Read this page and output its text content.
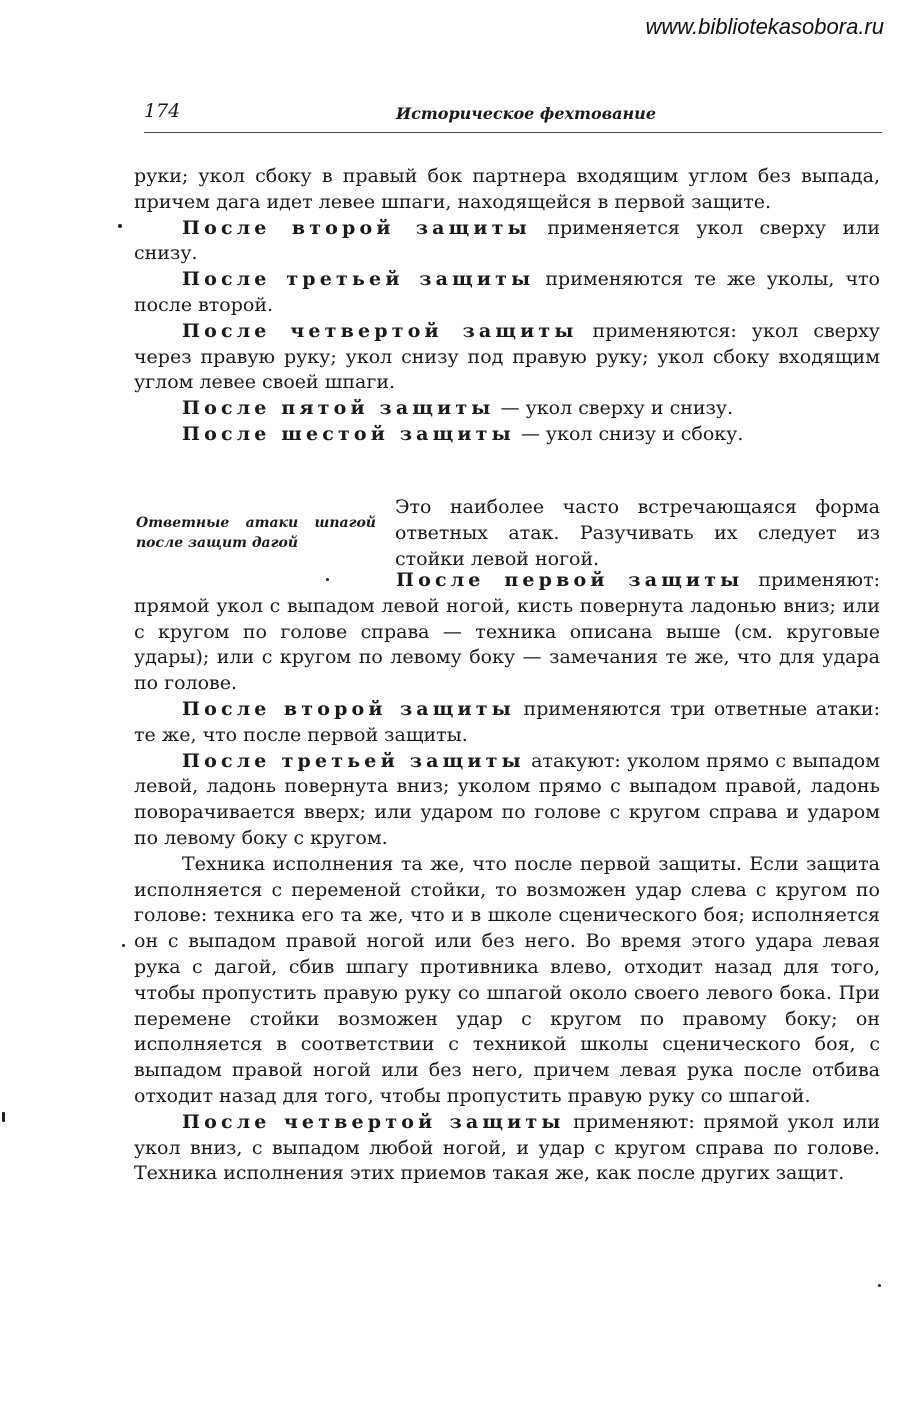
www.bibliotekasobora.ru
174	Историческое фехтование

руки; укол сбоку в правый бок партнера входящим углом без выпада, причем дага идет левее шпаги, находящейся в первой защите.

После второй защиты применяется укол сверху или снизу.

После третьей защиты применяются те же уколы, что после второй.

После четвертой защиты применяются: укол сверху через правую руку; укол снизу под правую руку; укол сбоку входящим углом левее своей шпаги.

После пятой защиты — укол сверху и снизу.

После шестой защиты — укол снизу и сбоку.

Ответные атаки шпагой после защит дагой

Это наиболее часто встречающаяся форма ответных атак. Разучивать их следует из стойки левой ногой.

После первой защиты применяют: прямой укол с выпадом левой ногой, кисть повернута ладонью вниз; или с кругом по голове справа — техника описана выше (см. круговые удары); или с кругом по левому боку — замечания те же, что для удара по голове.

После второй защиты применяются три ответные атаки: те же, что после первой защиты.

После третьей защиты атакуют: уколом прямо с выпадом левой, ладонь повернута вниз; уколом прямо с выпадом правой, ладонь поворачивается вверх; или ударом по голове с кругом справа и ударом по левому боку с кругом.

Техника исполнения та же, что после первой защиты. Если защита исполняется с переменой стойки, то возможен удар слева с кругом по голове: техника его та же, что и в школе сценического боя; исполняется он с выпадом правой ногой или без него. Во время этого удара левая рука с дагой, сбив шпагу противника влево, отходит назад для того, чтобы пропустить правую руку со шпагой около своего левого бока. При перемене стойки возможен удар с кругом по правому боку; он исполняется в соответствии с техникой школы сценического боя, с выпадом правой ногой или без него, причем левая рука после отбива отходит назад для того, чтобы пропустить правую руку со шпагой.

После четвертой защиты применяют: прямой укол или укол вниз, с выпадом любой ногой, и удар с кругом справа по голове. Техника исполнения этих приемов такая же, как после других защит.
